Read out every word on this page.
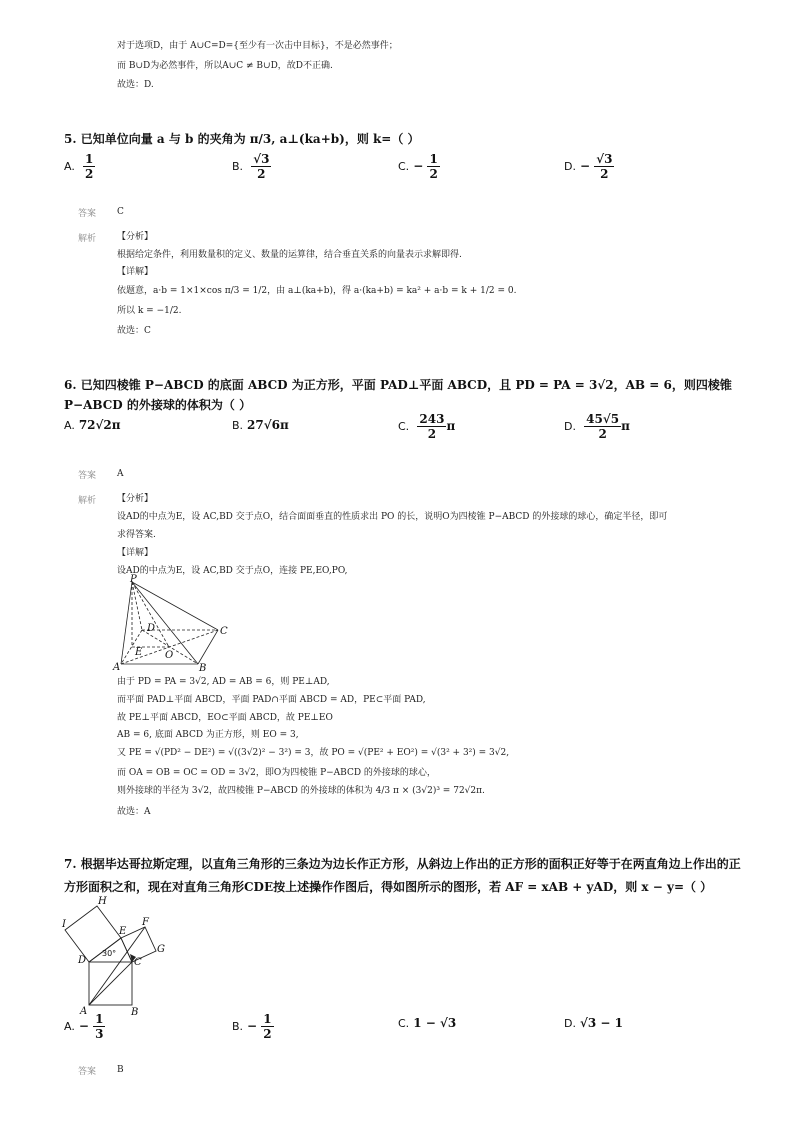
对于选项D，由于 A∪C=D={至少有一次击中目标}，不是必然事件；
而 B∪D为必然事件，所以A∪C ≠ B∪D，故D不正确.
故选：D.
5. 已知单位向量 a 与 b 的夹角为 π/3, a⊥(ka+b)，则 k=（ ）
A. $\frac{1}{2}$	B. $\frac{√3}{2}$	C. − $\frac{1}{2}$	D. − $\frac{√3}{2}$
答案 C
解析 【分析】
根据给定条件，利用数量积的定义、数量的运算律，结合垂直关系的向量表示求解即得.
【详解】
依题意，a·b = 1×1×cos π/3 = 1/2，由 a⊥(ka+b)，得 a·(ka+b) = ka² + a·b = k + 1/2 = 0.
所以 k = −1/2.
故选：C
6. 已知四棱锥 P−ABCD 的底面 ABCD 为正方形，平面 PAD⊥平面 ABCD，且 PD = PA = 3√2，AB = 6，则四棱锥
P−ABCD 的外接球的体积为（ ）
A. 72√2π	B. 27√6π	C. $\frac{243}{2}$ π	D. $\frac{45√5}{2}$ π
答案 A
解析 【分析】
设AD的中点为E，设 AC,BD 交于点O，结合面面垂直的性质求出 PO 的长，说明O为四棱锥 P−ABCD 的外接球的球心，确定半径，即可
求得答案.
【详解】
设AD的中点为E，设 AC,BD 交于点O，连接 PE,EO,PO,
P
D	C
E O
A	B
由于 PD = PA = 3√2, AD = AB = 6，则 PE⊥AD,
而平面 PAD⊥平面 ABCD，平面 PAD∩平面 ABCD = AD，PE⊂平面 PAD,
故 PE⊥平面 ABCD，EO⊂平面 ABCD，故 PE⊥EO
AB = 6, 底面 ABCD 为正方形，则 EO = 3,
又 PE = √(PD² − DE²) = √((3√2)² − 3²) = 3，故 PO = √(PE² + EO²) = √(3² + 3²) = 3√2,
而 OA = OB = OC = OD = 3√2，即O为四棱锥 P−ABCD 的外接球的球心，
则外接球的半径为 3√2，故四棱锥 P−ABCD 的外接球的体积为 4/3 π × (3√2)³ = 72√2π.
故选：A
7. 根据毕达哥拉斯定理，以直角三角形的三条边为边长作正方形，从斜边上作出的正方形的面积正好等于在两直角边上作出的正
方形面积之和，现在对直角三角形CDE按上述操作作图后，得如图所示的图形，若 AF = xAB + yAD，则 x − y=（ ）
H
I
E
F
G
D	C
A	B
30°
A. − $\frac{1}{3}$	B. − $\frac{1}{2}$	C. 1 − √3	D. √3 − 1
答案 B
